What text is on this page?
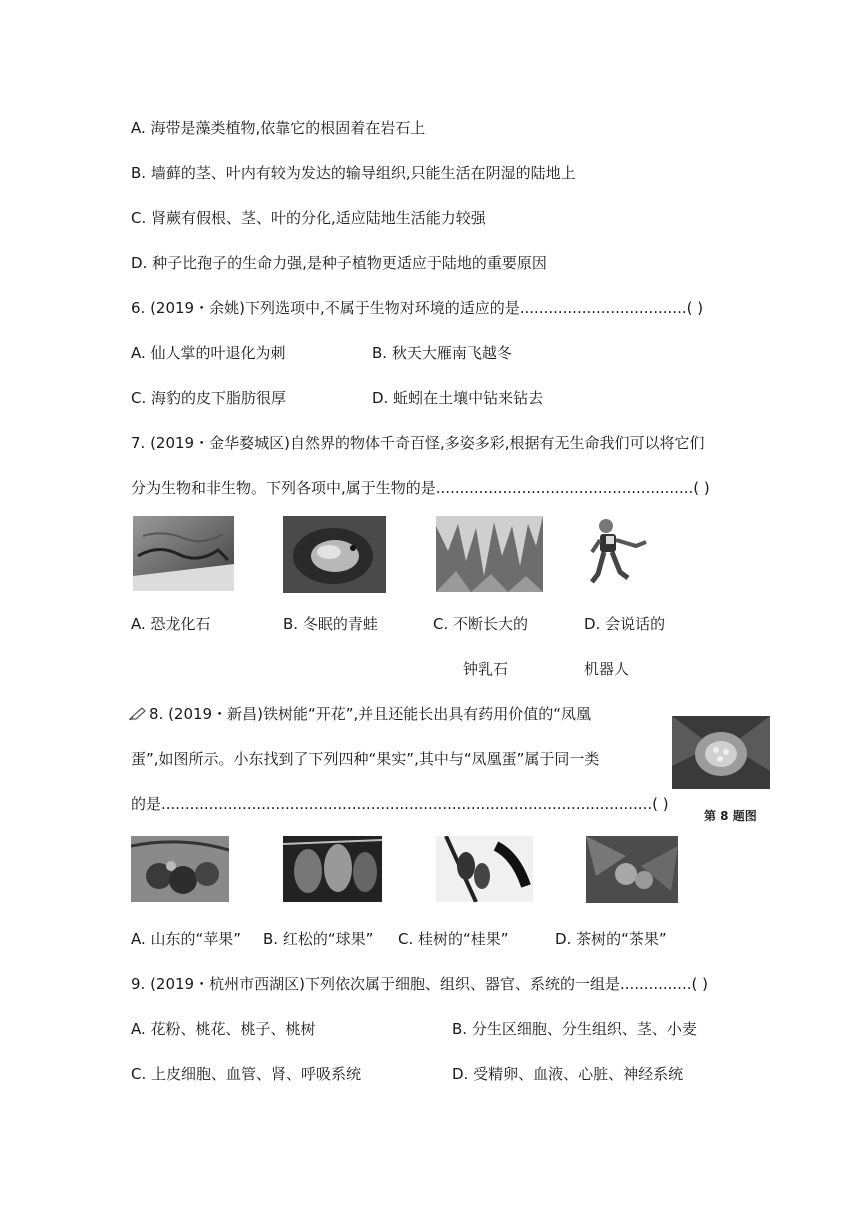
A. 海带是藻类植物,依靠它的根固着在岩石上
B. 墙藓的茎、叶内有较为发达的输导组织,只能生活在阴湿的陆地上
C. 肾蕨有假根、茎、叶的分化,适应陆地生活能力较强
D. 种子比孢子的生命力强,是种子植物更适应于陆地的重要原因
6. (2019・余姚)下列选项中,不属于生物对环境的适应的是...................................( )
A. 仙人掌的叶退化为刺	B. 秋天大雁南飞越冬
C. 海豹的皮下脂肪很厚	D. 蚯蚓在土壤中钻来钻去
7. (2019・金华婺城区)自然界的物体千奇百怪,多姿多彩,根据有无生命我们可以将它们
分为生物和非生物。下列各项中,属于生物的是......................................................( )
A. 恐龙化石	B. 冬眠的青蛙	C. 不断长大的	D. 会说话的
钟乳石	机器人
8. (2019・新昌)铁树能“开花”,并且还能长出具有药用价值的“凤凰
蛋”,如图所示。小东找到了下列四种“果实”,其中与“凤凰蛋”属于同一类
的是.......................................................................................................( )
第 8 题图
A. 山东的“苹果” B. 红松的“球果” C. 桂树的“桂果”	D. 茶树的“茶果”
9. (2019・杭州市西湖区)下列依次属于细胞、组织、器官、系统的一组是...............( )
A. 花粉、桃花、桃子、桃树	B. 分生区细胞、分生组织、茎、小麦
C. 上皮细胞、血管、肾、呼吸系统	D. 受精卵、血液、心脏、神经系统
